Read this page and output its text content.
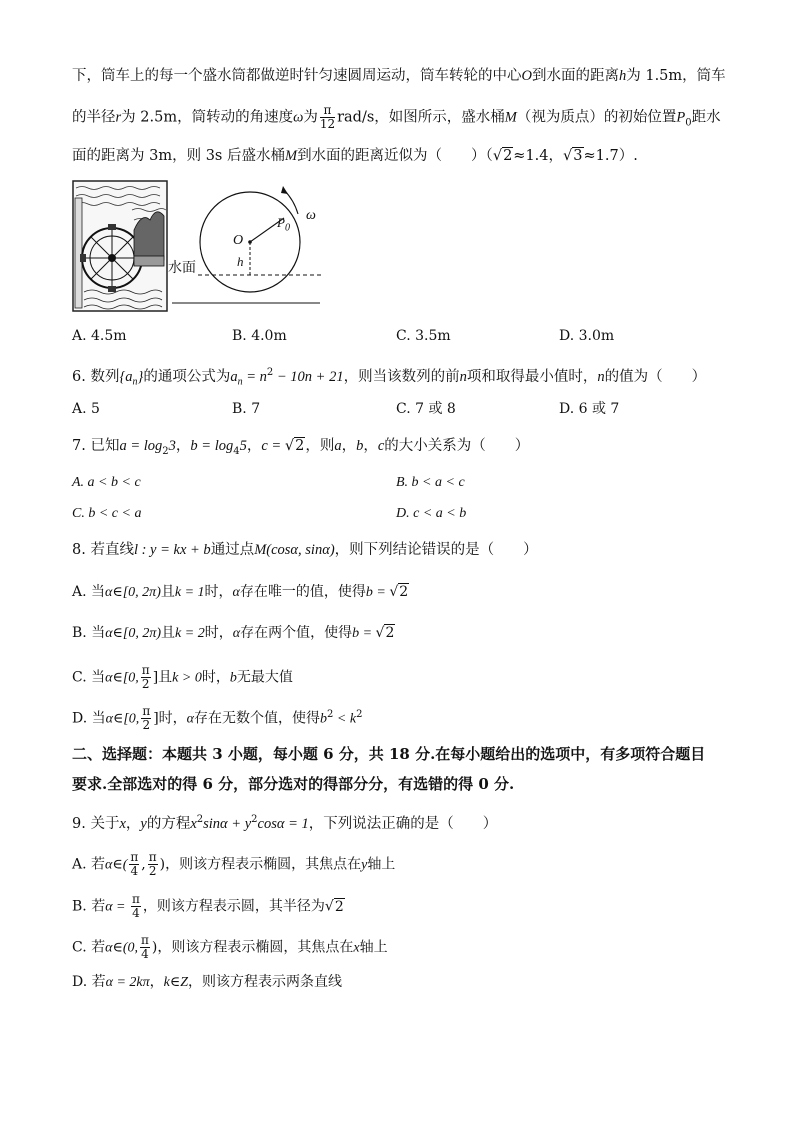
下，筒车上的每一个盛水筒都做逆时针匀速圆周运动，筒车转轮的中心O到水面的距离h为 1.5m，筒车
的半径r为 2.5m，筒转动的角速度ω为 $\frac{\pi}{12} rad/s$，如图所示，盛水桶M（视为质点）的初始位置$P_0$距水
面的距离为 3m，则 3s 后盛水桶M到水面的距离近似为（　　）（√2≈1.4，√3≈1.7）.
O
$P_0$
h
ω
水面
A. 4.5m	B. 4.0m	C. 3.5m	D. 3.0m
6. 数列$\{a_n\}$的通项公式为$a_n = n^2 - 10n + 21$，则当该数列的前n项和取得最小值时，n的值为（　　）
A. 5	B. 7	C. 7 或 8	D. 6 或 7
7. 已知$a = \log_23$，$b = \log_45$，c = √2，则a，b，c的大小关系为（　　）
A. a < b < c	B. b < a < c
C. b < c < a	D. c < a < b
8. 若直线l : y = kx + b通过点M(cosα, sinα)，则下列结论错误的是（　　）
A. 当α∈[0, 2π)且k = 1时，α存在唯一的值，使得b = √2
B. 当α∈[0, 2π)且k = 2时，α存在两个值，使得b = √2
C. 当α∈[0, $\frac{\pi}{2}$ ]且k > 0时，b无最大值
D. 当α∈[0, $\frac{\pi}{2}$ ]时，α存在无数个值，使得$b^2 < k^2$
二、选择题：本题共 3 小题，每小题 6 分，共 18 分.在每小题给出的选项中，有多项符合题目
要求.全部选对的得 6 分，部分选对的得部分分，有选错的得 0 分.
9. 关于x，y的方程$x^2\sin\alpha + y^2\cos\alpha = 1$，下列说法正确的是（　　）
A. 若α∈( $\frac{\pi}{4}$ , $\frac{\pi}{2}$ )，则该方程表示椭圆，其焦点在y轴上
B. 若$\alpha = \frac{\pi}{4}$ ，则该方程表示圆，其半径为√2
C. 若α∈(0, $\frac{\pi}{4}$ )，则该方程表示椭圆，其焦点在x轴上
D. 若α = 2kπ，k∈Z，则该方程表示两条直线
